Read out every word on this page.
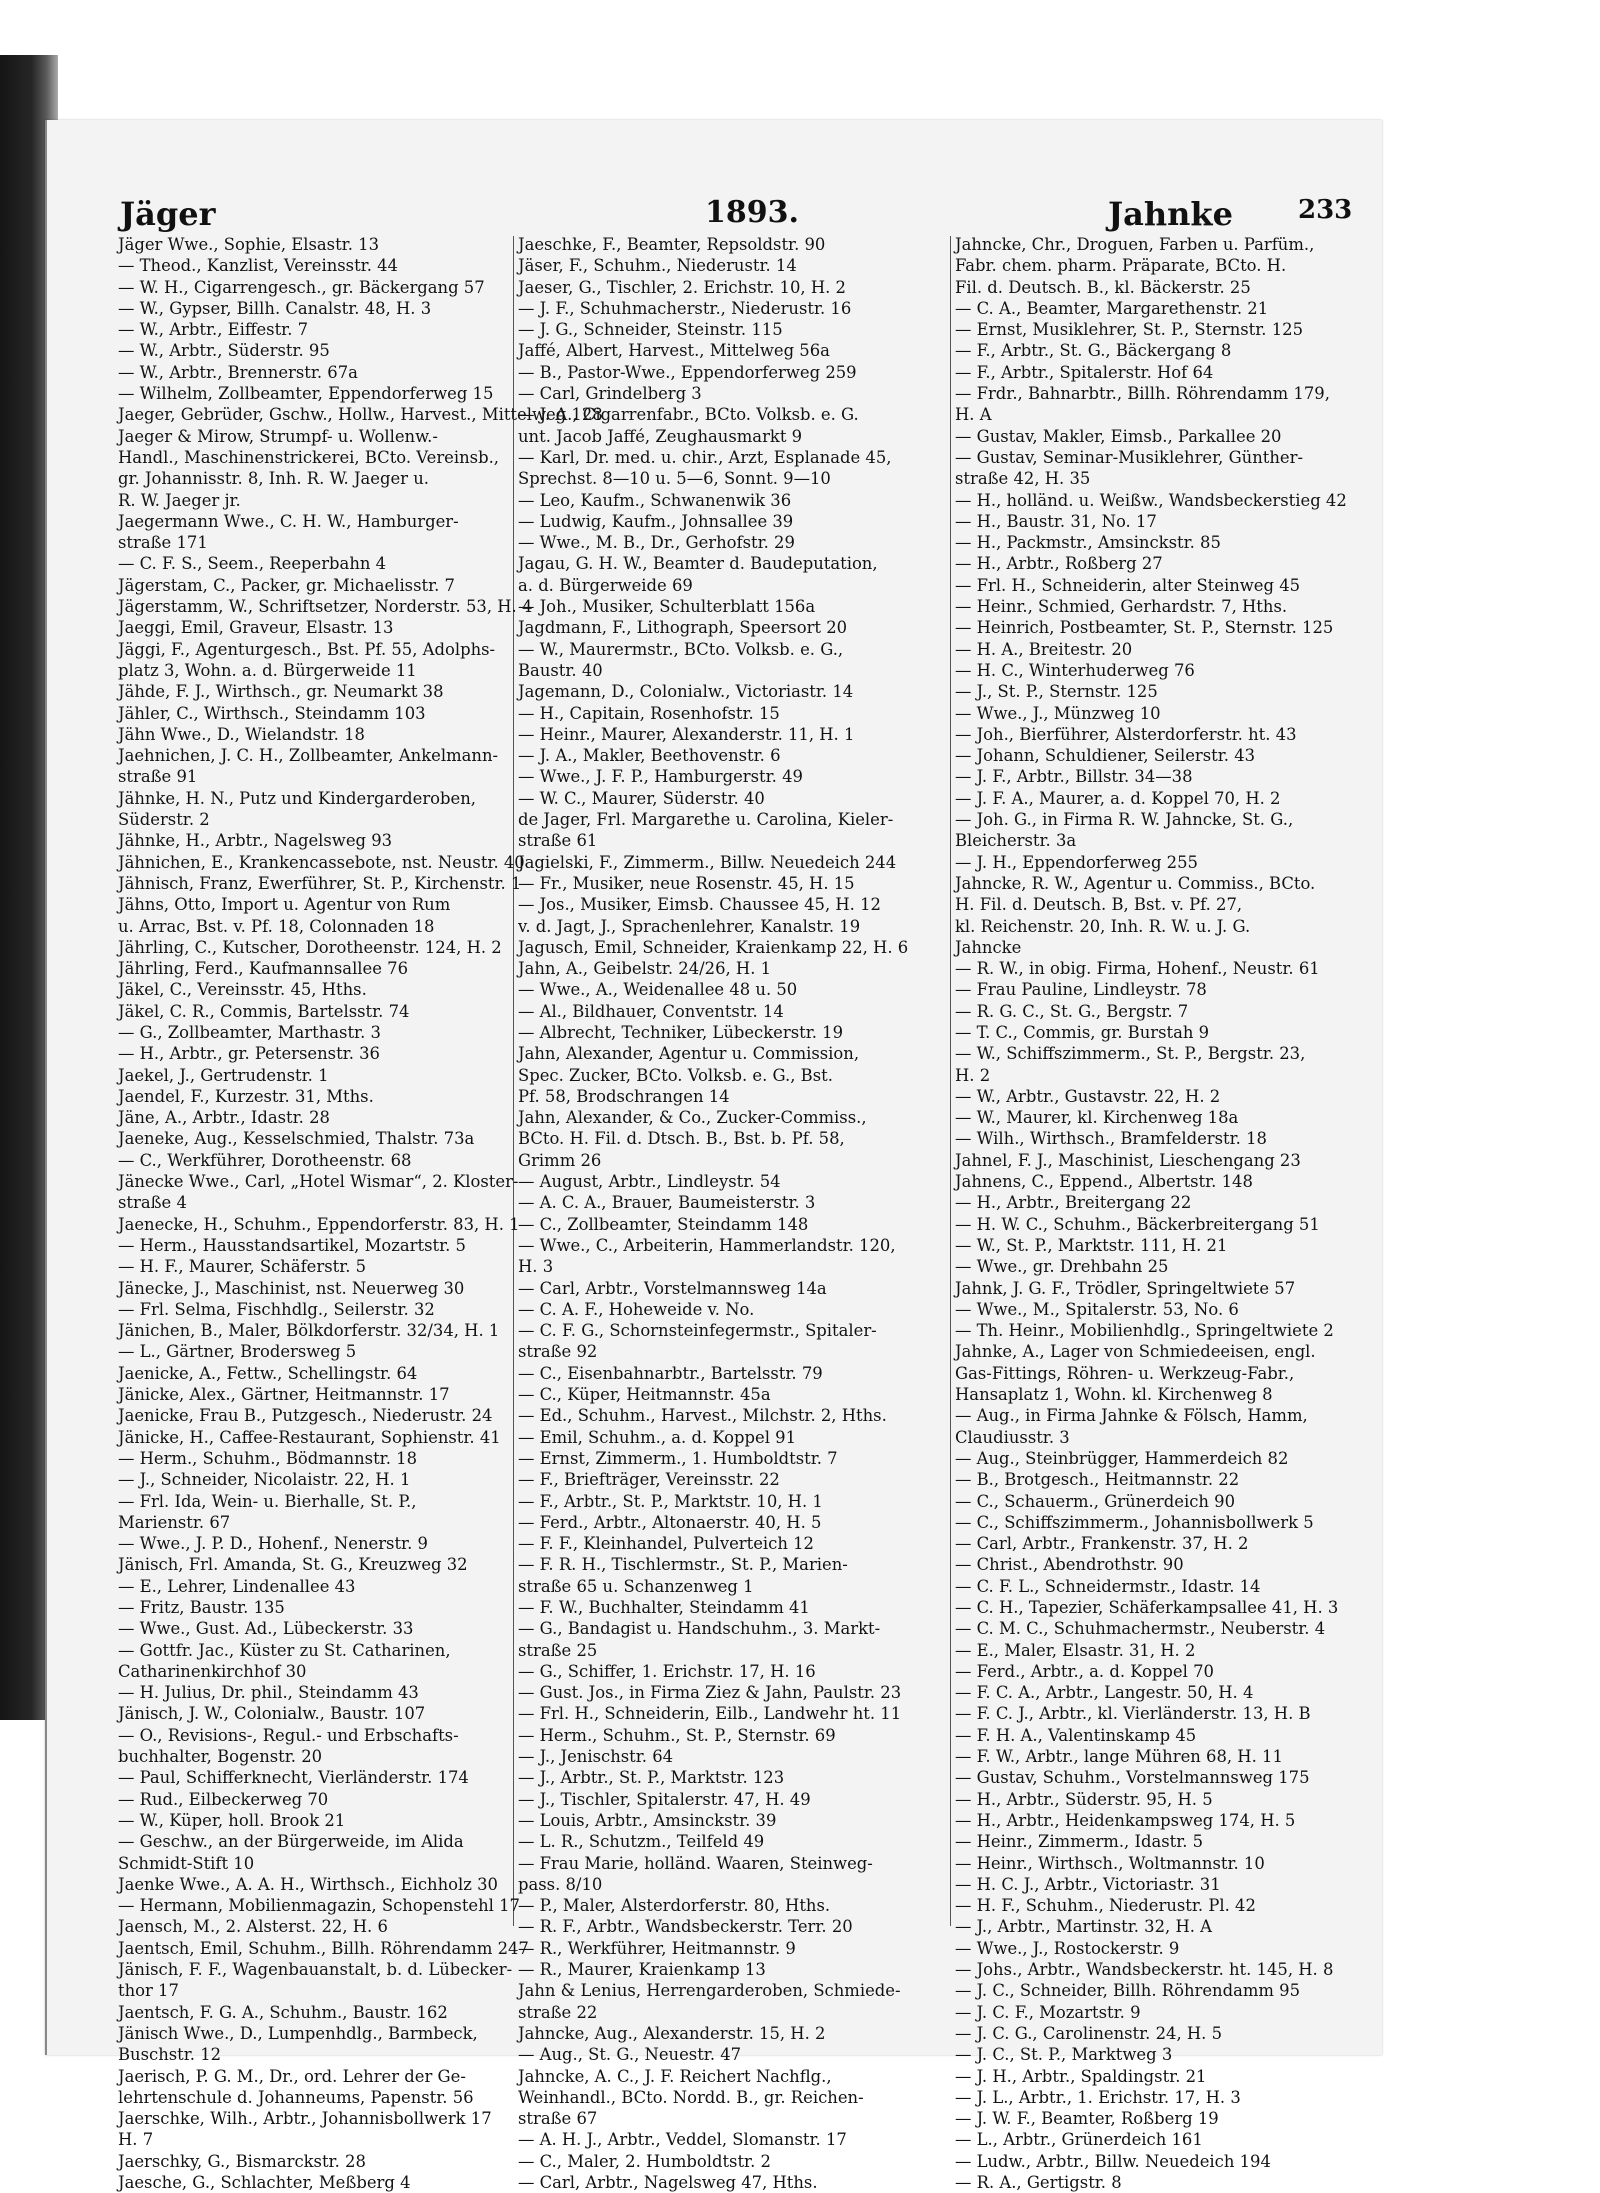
Jäger	1893.	Jahnke	233

Jäger Wwe., Sophie, Elsastr. 13

— Theod., Kanzlist, Vereinsstr. 44

— W. H., Cigarrengesch., gr. Bäckergang 57

— W., Gypser, Billh. Canalstr. 48, H. 3

— W., Arbtr., Eiffestr. 7

— W., Arbtr., Süderstr. 95

— W., Arbtr., Brennerstr. 67a

— Wilhelm, Zollbeamter, Eppendorferweg 15

Jaeger, Gebrüder, Gschw., Hollw., Harvest., Mittelweg 128

Jaeger & Mirow, Strumpf- u. Wollenw.-

Handl., Maschinenstrickerei, BCto. Vereinsb.,

gr. Johannisstr. 8, Inh. R. W. Jaeger u.

R. W. Jaeger jr.

Jaegermann Wwe., C. H. W., Hamburger-

straße 171

— C. F. S., Seem., Reeperbahn 4

Jägerstam, C., Packer, gr. Michaelisstr. 7

Jägerstamm, W., Schriftsetzer, Norderstr. 53, H. 4

Jaeggi, Emil, Graveur, Elsastr. 13

Jäggi, F., Agenturgesch., Bst. Pf. 55, Adolphs-

platz 3, Wohn. a. d. Bürgerweide 11

Jähde, F. J., Wirthsch., gr. Neumarkt 38

Jähler, C., Wirthsch., Steindamm 103

Jähn Wwe., D., Wielandstr. 18

Jaehnichen, J. C. H., Zollbeamter, Ankelmann-

straße 91

Jähnke, H. N., Putz und Kindergarderoben,

Süderstr. 2

Jähnke, H., Arbtr., Nagelsweg 93

Jähnichen, E., Krankencassebote, nst. Neustr. 40

Jähnisch, Franz, Ewerführer, St. P., Kirchenstr. 1

Jähns, Otto, Import u. Agentur von Rum

u. Arrac, Bst. v. Pf. 18, Colonnaden 18

Jährling, C., Kutscher, Dorotheenstr. 124, H. 2

Jährling, Ferd., Kaufmannsallee 76

Jäkel, C., Vereinsstr. 45, Hths.

Jäkel, C. R., Commis, Bartelsstr. 74

— G., Zollbeamter, Marthastr. 3

— H., Arbtr., gr. Petersenstr. 36

Jaekel, J., Gertrudenstr. 1

Jaendel, F., Kurzestr. 31, Mths.

Jäne, A., Arbtr., Idastr. 28

Jaeneke, Aug., Kesselschmied, Thalstr. 73a

— C., Werkführer, Dorotheenstr. 68

Jänecke Wwe., Carl, „Hotel Wismar“, 2. Kloster-

straße 4

Jaenecke, H., Schuhm., Eppendorferstr. 83, H. 1

— Herm., Hausstandsartikel, Mozartstr. 5

— H. F., Maurer, Schäferstr. 5

Jänecke, J., Maschinist, nst. Neuerweg 30

— Frl. Selma, Fischhdlg., Seilerstr. 32

Jänichen, B., Maler, Bölkdorferstr. 32/34, H. 1

— L., Gärtner, Brodersweg 5

Jaenicke, A., Fettw., Schellingstr. 64

Jänicke, Alex., Gärtner, Heitmannstr. 17

Jaenicke, Frau B., Putzgesch., Niederustr. 24

Jänicke, H., Caffee-Restaurant, Sophienstr. 41

— Herm., Schuhm., Bödmannstr. 18

— J., Schneider, Nicolaistr. 22, H. 1

— Frl. Ida, Wein- u. Bierhalle, St. P.,

Marienstr. 67

— Wwe., J. P. D., Hohenf., Nenerstr. 9

Jänisch, Frl. Amanda, St. G., Kreuzweg 32

— E., Lehrer, Lindenallee 43

— Fritz, Baustr. 135

— Wwe., Gust. Ad., Lübeckerstr. 33

— Gottfr. Jac., Küster zu St. Catharinen,

Catharinenkirchhof 30

— H. Julius, Dr. phil., Steindamm 43

Jänisch, J. W., Colonialw., Baustr. 107

— O., Revisions-, Regul.- und Erbschafts-

buchhalter, Bogenstr. 20

— Paul, Schifferknecht, Vierländerstr. 174

— Rud., Eilbeckerweg 70

— W., Küper, holl. Brook 21

— Geschw., an der Bürgerweide, im Alida

Schmidt-Stift 10

Jaenke Wwe., A. A. H., Wirthsch., Eichholz 30

— Hermann, Mobilienmagazin, Schopenstehl 17

Jaensch, M., 2. Alsterst. 22, H. 6

Jaentsch, Emil, Schuhm., Billh. Röhrendamm 247

Jänisch, F. F., Wagenbauanstalt, b. d. Lübecker-

thor 17

Jaentsch, F. G. A., Schuhm., Baustr. 162

Jänisch Wwe., D., Lumpenhdlg., Barmbeck,

Buschstr. 12

Jaerisch, P. G. M., Dr., ord. Lehrer der Ge-

lehrtenschule d. Johanneums, Papenstr. 56

Jaerschke, Wilh., Arbtr., Johannisbollwerk 17

H. 7

Jaerschky, G., Bismarckstr. 28

Jaesche, G., Schlachter, Meßberg 4

Jaeschke, F., Beamter, Repsoldstr. 90

Jäser, F., Schuhm., Niederustr. 14

Jaeser, G., Tischler, 2. Erichstr. 10, H. 2

— J. F., Schuhmacherstr., Niederustr. 16

— J. G., Schneider, Steinstr. 115

Jaffé, Albert, Harvest., Mittelweg 56a

— B., Pastor-Wwe., Eppendorferweg 259

— Carl, Grindelberg 3

— J. A., Cigarrenfabr., BCto. Volksb. e. G.

unt. Jacob Jaffé, Zeughausmarkt 9

— Karl, Dr. med. u. chir., Arzt, Esplanade 45,

Sprechst. 8—10 u. 5—6, Sonnt. 9—10

— Leo, Kaufm., Schwanenwik 36

— Ludwig, Kaufm., Johnsallee 39

— Wwe., M. B., Dr., Gerhofstr. 29

Jagau, G. H. W., Beamter d. Baudeputation,

a. d. Bürgerweide 69

— Joh., Musiker, Schulterblatt 156a

Jagdmann, F., Lithograph, Speersort 20

— W., Maurermstr., BCto. Volksb. e. G.,

Baustr. 40

Jagemann, D., Colonialw., Victoriastr. 14

— H., Capitain, Rosenhofstr. 15

— Heinr., Maurer, Alexanderstr. 11, H. 1

— J. A., Makler, Beethovenstr. 6

— Wwe., J. F. P., Hamburgerstr. 49

— W. C., Maurer, Süderstr. 40

de Jager, Frl. Margarethe u. Carolina, Kieler-

straße 61

Jagielski, F., Zimmerm., Billw. Neuedeich 244

— Fr., Musiker, neue Rosenstr. 45, H. 15

— Jos., Musiker, Eimsb. Chaussee 45, H. 12

v. d. Jagt, J., Sprachenlehrer, Kanalstr. 19

Jagusch, Emil, Schneider, Kraienkamp 22, H. 6

Jahn, A., Geibelstr. 24/26, H. 1

— Wwe., A., Weidenallee 48 u. 50

— Al., Bildhauer, Conventstr. 14

— Albrecht, Techniker, Lübeckerstr. 19

Jahn, Alexander, Agentur u. Commission,

Spec. Zucker, BCto. Volksb. e. G., Bst.

Pf. 58, Brodschrangen 14

Jahn, Alexander, & Co., Zucker-Commiss.,

BCto. H. Fil. d. Dtsch. B., Bst. b. Pf. 58,

Grimm 26

— August, Arbtr., Lindleystr. 54

— A. C. A., Brauer, Baumeisterstr. 3

— C., Zollbeamter, Steindamm 148

— Wwe., C., Arbeiterin, Hammerlandstr. 120,

H. 3

— Carl, Arbtr., Vorstelmannsweg 14a

— C. A. F., Hoheweide v. No.

— C. F. G., Schornsteinfegermstr., Spitaler-

straße 92

— C., Eisenbahnarbtr., Bartelsstr. 79

— C., Küper, Heitmannstr. 45a

— Ed., Schuhm., Harvest., Milchstr. 2, Hths.

— Emil, Schuhm., a. d. Koppel 91

— Ernst, Zimmerm., 1. Humboldtstr. 7

— F., Briefträger, Vereinsstr. 22

— F., Arbtr., St. P., Marktstr. 10, H. 1

— Ferd., Arbtr., Altonaerstr. 40, H. 5

— F. F., Kleinhandel, Pulverteich 12

— F. R. H., Tischlermstr., St. P., Marien-

straße 65 u. Schanzenweg 1

— F. W., Buchhalter, Steindamm 41

— G., Bandagist u. Handschuhm., 3. Markt-

straße 25

— G., Schiffer, 1. Erichstr. 17, H. 16

— Gust. Jos., in Firma Ziez & Jahn, Paulstr. 23

— Frl. H., Schneiderin, Eilb., Landwehr ht. 11

— Herm., Schuhm., St. P., Sternstr. 69

— J., Jenischstr. 64

— J., Arbtr., St. P., Marktstr. 123

— J., Tischler, Spitalerstr. 47, H. 49

— Louis, Arbtr., Amsinckstr. 39

— L. R., Schutzm., Teilfeld 49

— Frau Marie, holländ. Waaren, Steinweg-

pass. 8/10

— P., Maler, Alsterdorferstr. 80, Hths.

— R. F., Arbtr., Wandsbeckerstr. Terr. 20

— R., Werkführer, Heitmannstr. 9

— R., Maurer, Kraienkamp 13

Jahn & Lenius, Herrengarderoben, Schmiede-

straße 22

Jahncke, Aug., Alexanderstr. 15, H. 2

— Aug., St. G., Neuestr. 47

Jahncke, A. C., J. F. Reichert Nachflg.,

Weinhandl., BCto. Nordd. B., gr. Reichen-

straße 67

— A. H. J., Arbtr., Veddel, Slomanstr. 17

— C., Maler, 2. Humboldtstr. 2

— Carl, Arbtr., Nagelsweg 47, Hths.

Jahncke, Chr., Droguen, Farben u. Parfüm.,

Fabr. chem. pharm. Präparate, BCto. H.

Fil. d. Deutsch. B., kl. Bäckerstr. 25

— C. A., Beamter, Margarethenstr. 21

— Ernst, Musiklehrer, St. P., Sternstr. 125

— F., Arbtr., St. G., Bäckergang 8

— F., Arbtr., Spitalerstr. Hof 64

— Frdr., Bahnarbtr., Billh. Röhrendamm 179,

H. A

— Gustav, Makler, Eimsb., Parkallee 20

— Gustav, Seminar-Musiklehrer, Günther-

straße 42, H. 35

— H., holländ. u. Weißw., Wandsbeckerstieg 42

— H., Baustr. 31, No. 17

— H., Packmstr., Amsinckstr. 85

— H., Arbtr., Roßberg 27

— Frl. H., Schneiderin, alter Steinweg 45

— Heinr., Schmied, Gerhardstr. 7, Hths.

— Heinrich, Postbeamter, St. P., Sternstr. 125

— H. A., Breitestr. 20

— H. C., Winterhuderweg 76

— J., St. P., Sternstr. 125

— Wwe., J., Münzweg 10

— Joh., Bierführer, Alsterdorferstr. ht. 43

— Johann, Schuldiener, Seilerstr. 43

— J. F., Arbtr., Billstr. 34—38

— J. F. A., Maurer, a. d. Koppel 70, H. 2

— Joh. G., in Firma R. W. Jahncke, St. G.,

Bleicherstr. 3a

— J. H., Eppendorferweg 255

Jahncke, R. W., Agentur u. Commiss., BCto.

H. Fil. d. Deutsch. B, Bst. v. Pf. 27,

kl. Reichenstr. 20, Inh. R. W. u. J. G.

Jahncke

— R. W., in obig. Firma, Hohenf., Neustr. 61

— Frau Pauline, Lindleystr. 78

— R. G. C., St. G., Bergstr. 7

— T. C., Commis, gr. Burstah 9

— W., Schiffszimmerm., St. P., Bergstr. 23,

H. 2

— W., Arbtr., Gustavstr. 22, H. 2

— W., Maurer, kl. Kirchenweg 18a

— Wilh., Wirthsch., Bramfelderstr. 18

Jahnel, F. J., Maschinist, Lieschengang 23

Jahnens, C., Eppend., Albertstr. 148

— H., Arbtr., Breitergang 22

— H. W. C., Schuhm., Bäckerbreitergang 51

— W., St. P., Marktstr. 111, H. 21

— Wwe., gr. Drehbahn 25

Jahnk, J. G. F., Trödler, Springeltwiete 57

— Wwe., M., Spitalerstr. 53, No. 6

— Th. Heinr., Mobilienhdlg., Springeltwiete 2

Jahnke, A., Lager von Schmiedeeisen, engl.

Gas-Fittings, Röhren- u. Werkzeug-Fabr.,

Hansaplatz 1, Wohn. kl. Kirchenweg 8

— Aug., in Firma Jahnke & Fölsch, Hamm,

Claudiusstr. 3

— Aug., Steinbrügger, Hammerdeich 82

— B., Brotgesch., Heitmannstr. 22

— C., Schauerm., Grünerdeich 90

— C., Schiffszimmerm., Johannisbollwerk 5

— Carl, Arbtr., Frankenstr. 37, H. 2

— Christ., Abendrothstr. 90

— C. F. L., Schneidermstr., Idastr. 14

— C. H., Tapezier, Schäferkampsallee 41, H. 3

— C. M. C., Schuhmachermstr., Neuberstr. 4

— E., Maler, Elsastr. 31, H. 2

— Ferd., Arbtr., a. d. Koppel 70

— F. C. A., Arbtr., Langestr. 50, H. 4

— F. C. J., Arbtr., kl. Vierländerstr. 13, H. B

— F. H. A., Valentinskamp 45

— F. W., Arbtr., lange Mühren 68, H. 11

— Gustav, Schuhm., Vorstelmannsweg 175

— H., Arbtr., Süderstr. 95, H. 5

— H., Arbtr., Heidenkampsweg 174, H. 5

— Heinr., Zimmerm., Idastr. 5

— Heinr., Wirthsch., Woltmannstr. 10

— H. C. J., Arbtr., Victoriastr. 31

— H. F., Schuhm., Niederustr. Pl. 42

— J., Arbtr., Martinstr. 32, H. A

— Wwe., J., Rostockerstr. 9

— Johs., Arbtr., Wandsbeckerstr. ht. 145, H. 8

— J. C., Schneider, Billh. Röhrendamm 95

— J. C. F., Mozartstr. 9

— J. C. G., Carolinenstr. 24, H. 5

— J. C., St. P., Marktweg 3

— J. H., Arbtr., Spaldingstr. 21

— J. L., Arbtr., 1. Erichstr. 17, H. 3

— J. W. F., Beamter, Roßberg 19

— L., Arbtr., Grünerdeich 161

— Ludw., Arbtr., Billw. Neuedeich 194

— R. A., Gertigstr. 8
